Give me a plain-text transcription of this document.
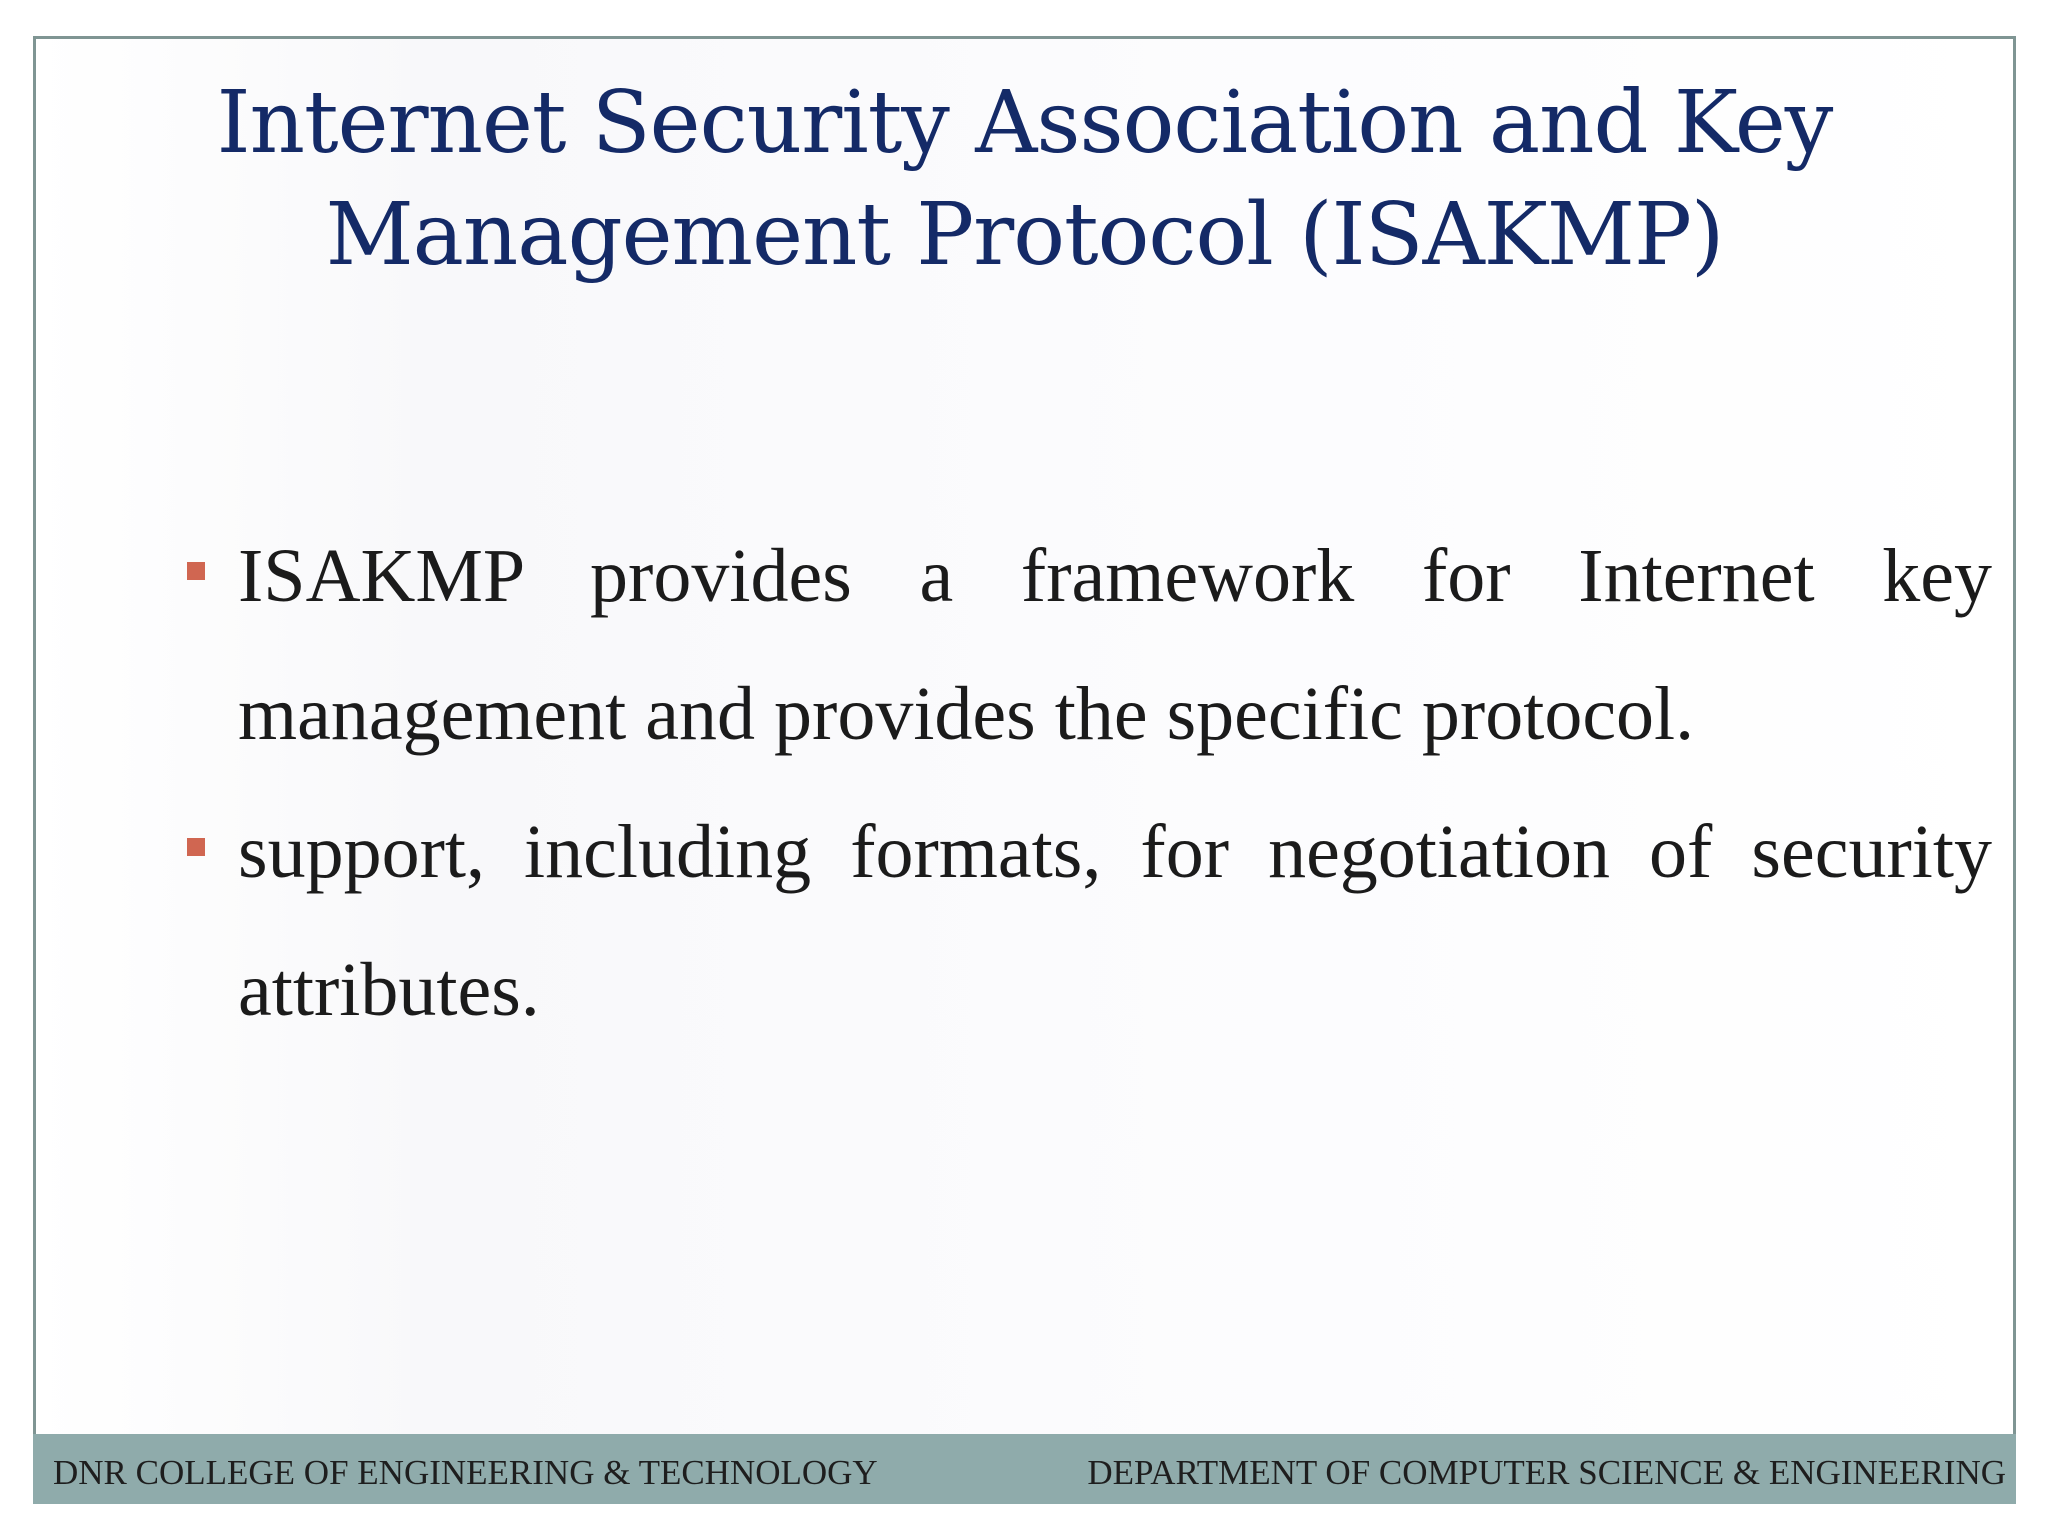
Internet Security Association and Key
Management Protocol (ISAKMP)
ISAKMP provides a framework for Internet key management and provides the specific protocol.
support, including formats, for negotiation of security attributes.
DNR COLLEGE OF ENGINEERING & TECHNOLOGY	DEPARTMENT OF COMPUTER SCIENCE & ENGINEERING
